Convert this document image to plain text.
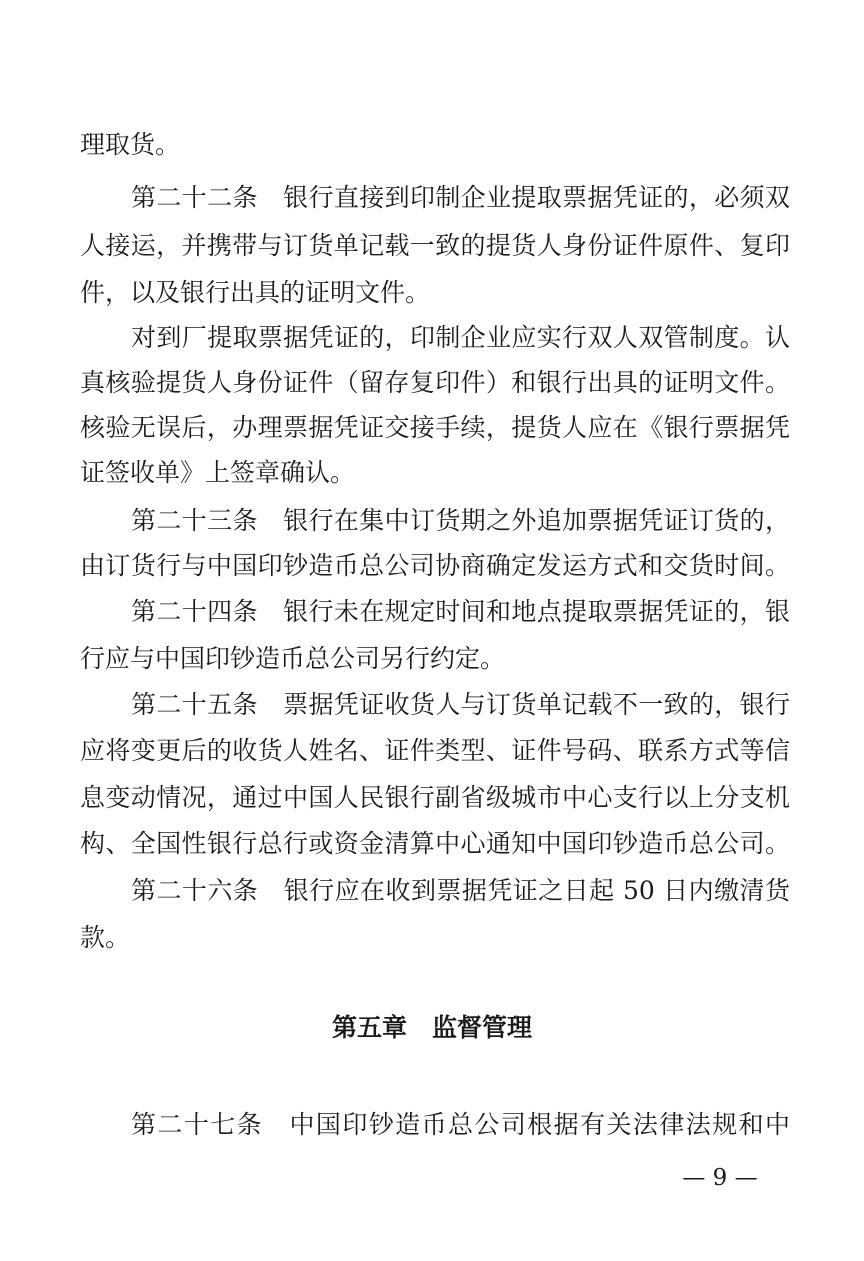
理取货。
第二十二条　银行直接到印制企业提取票据凭证的，必须双
人接运，并携带与订货单记载一致的提货人身份证件原件、复印
件，以及银行出具的证明文件。
对到厂提取票据凭证的，印制企业应实行双人双管制度。认
真核验提货人身份证件（留存复印件）和银行出具的证明文件。
核验无误后，办理票据凭证交接手续，提货人应在《银行票据凭
证签收单》上签章确认。
第二十三条　银行在集中订货期之外追加票据凭证订货的，
由订货行与中国印钞造币总公司协商确定发运方式和交货时间。
第二十四条　银行未在规定时间和地点提取票据凭证的，银
行应与中国印钞造币总公司另行约定。
第二十五条　票据凭证收货人与订货单记载不一致的，银行
应将变更后的收货人姓名、证件类型、证件号码、联系方式等信
息变动情况，通过中国人民银行副省级城市中心支行以上分支机
构、全国性银行总行或资金清算中心通知中国印钞造币总公司。
第二十六条　银行应在收到票据凭证之日起 50 日内缴清货
款。
第五章　监督管理
第二十七条　中国印钞造币总公司根据有关法律法规和中
— 9 —
